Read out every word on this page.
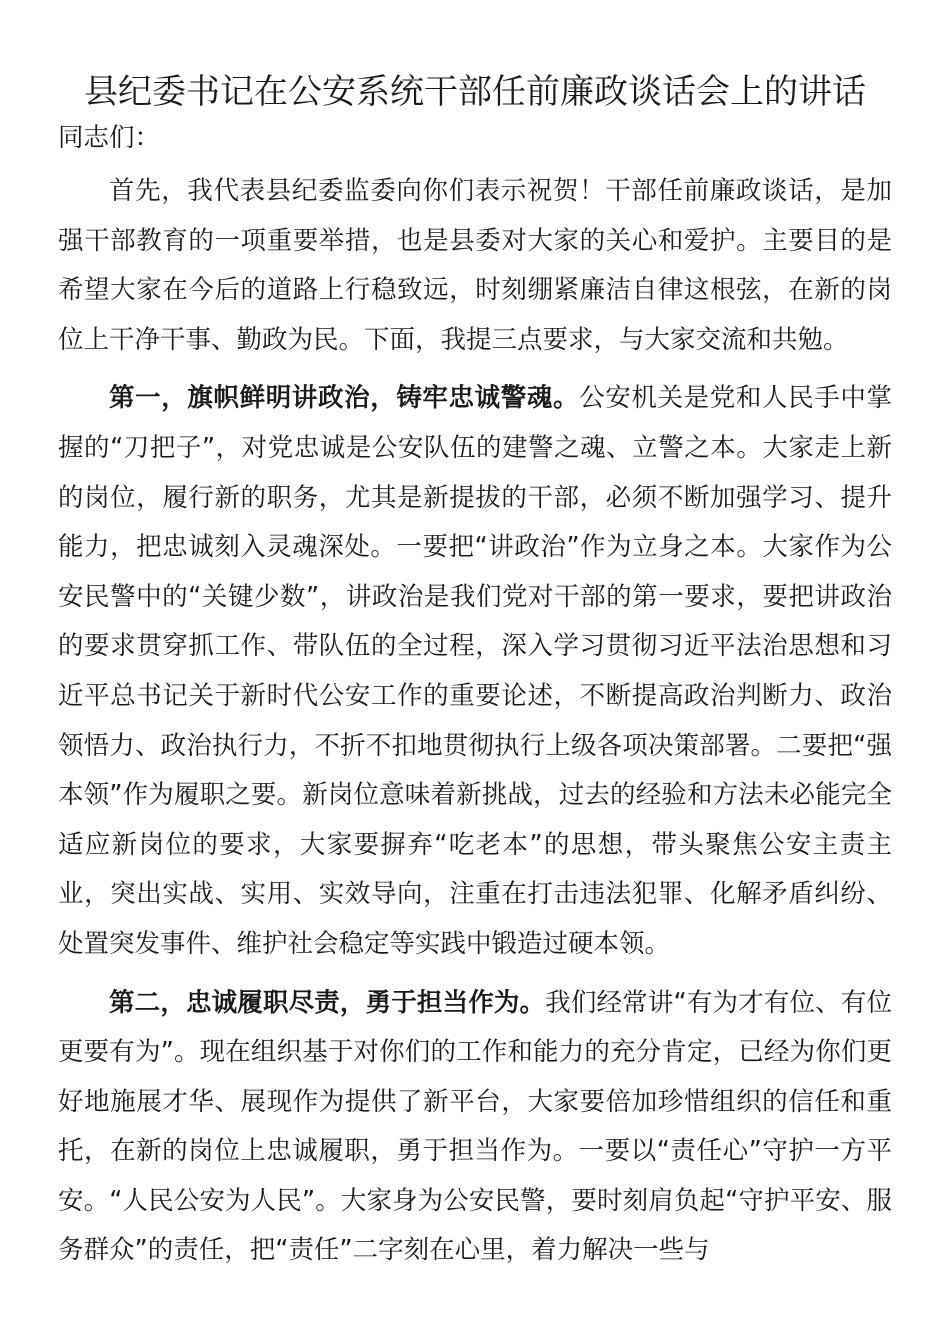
县纪委书记在公安系统干部任前廉政谈话会上的讲话

同志们：

首先，我代表县纪委监委向你们表示祝贺！干部任前廉政谈话，是加强干部教育的一项重要举措，也是县委对大家的关心和爱护。主要目的是希望大家在今后的道路上行稳致远，时刻绷紧廉洁自律这根弦，在新的岗位上干净干事、勤政为民。下面，我提三点要求，与大家交流和共勉。

第一，旗帜鲜明讲政治，铸牢忠诚警魂。公安机关是党和人民手中掌握的“刀把子”，对党忠诚是公安队伍的建警之魂、立警之本。大家走上新的岗位，履行新的职务，尤其是新提拔的干部，必须不断加强学习、提升能力，把忠诚刻入灵魂深处。一要把“讲政治”作为立身之本。大家作为公安民警中的“关键少数”，讲政治是我们党对干部的第一要求，要把讲政治的要求贯穿抓工作、带队伍的全过程，深入学习贯彻习近平法治思想和习近平总书记关于新时代公安工作的重要论述，不断提高政治判断力、政治领悟力、政治执行力，不折不扣地贯彻执行上级各项决策部署。二要把“强本领”作为履职之要。新岗位意味着新挑战，过去的经验和方法未必能完全适应新岗位的要求，大家要摒弃“吃老本”的思想，带头聚焦公安主责主业，突出实战、实用、实效导向，注重在打击违法犯罪、化解矛盾纠纷、处置突发事件、维护社会稳定等实践中锻造过硬本领。

第二，忠诚履职尽责，勇于担当作为。我们经常讲“有为才有位、有位更要有为”。现在组织基于对你们的工作和能力的充分肯定，已经为你们更好地施展才华、展现作为提供了新平台，大家要倍加珍惜组织的信任和重托，在新的岗位上忠诚履职，勇于担当作为。一要以“责任心”守护一方平安。“人民公安为人民”。大家身为公安民警，要时刻肩负起“守护平安、服务群众”的责任，把“责任”二字刻在心里，着力解决一些与
